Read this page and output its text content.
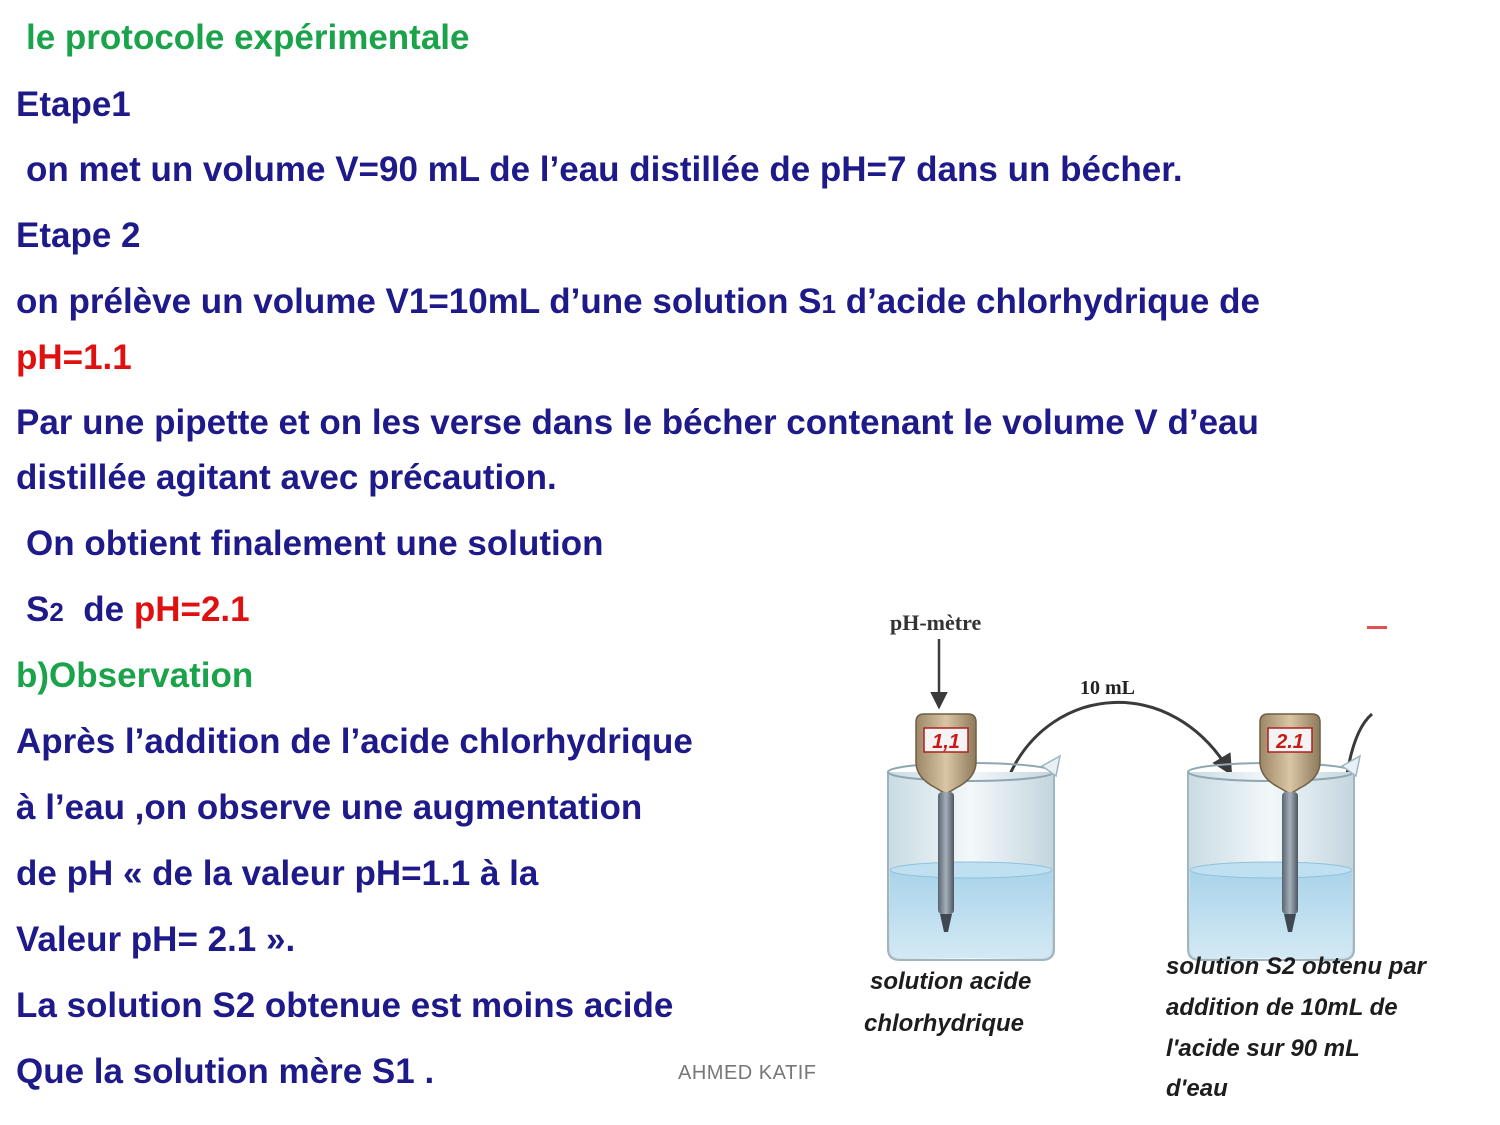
le protocole expérimentale

Etape1

on met un volume V=90 mL de l’eau distillée de pH=7 dans un bécher.

Etape 2

on prélève un volume V1=10mL d’une solution S1 d’acide chlorhydrique de

pH=1.1

Par une pipette et on les verse dans le bécher contenant le volume V d’eau

distillée agitant avec précaution.

On obtient finalement une solution

S2  de pH=2.1

b)Observation

Après l’addition de l’acide chlorhydrique

à l’eau ,on observe une augmentation

de pH « de la valeur pH=1.1 à la

Valeur pH= 2.1 ».

La solution S2 obtenue est moins acide

Que la solution mère S1 .	AHMED KATIF
pH-mètre
10 mL
1,1	2.1
solution acide
chlorhydrique
solution S2 obtenu par
addition de 10mL de
l'acide sur 90 mL
d'eau
